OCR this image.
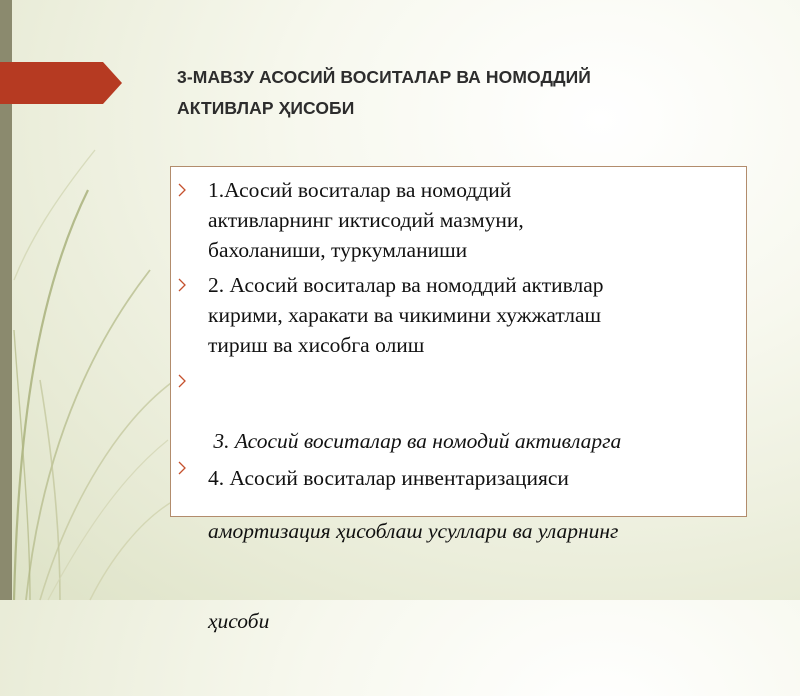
3-МАВЗУ АСОСИЙ ВОСИТАЛАР ВА НОМОДДИЙ
АКТИВЛАР ҲИСОБИ
1.Асосий воситалар ва номоддий
активларнинг иктисодий мазмуни,
бахоланиши, туркумланиши
2. Асосий воситалар ва номоддий активлар
кирими, харакати ва чикимини хужжатлаш
тириш ва хисобга олиш

3. Асосий воситалар ва номодий активларга

амортизация ҳисоблаш усуллари ва уларнинг

ҳисоби

4. Асосий воситалар инвентаризацияси
